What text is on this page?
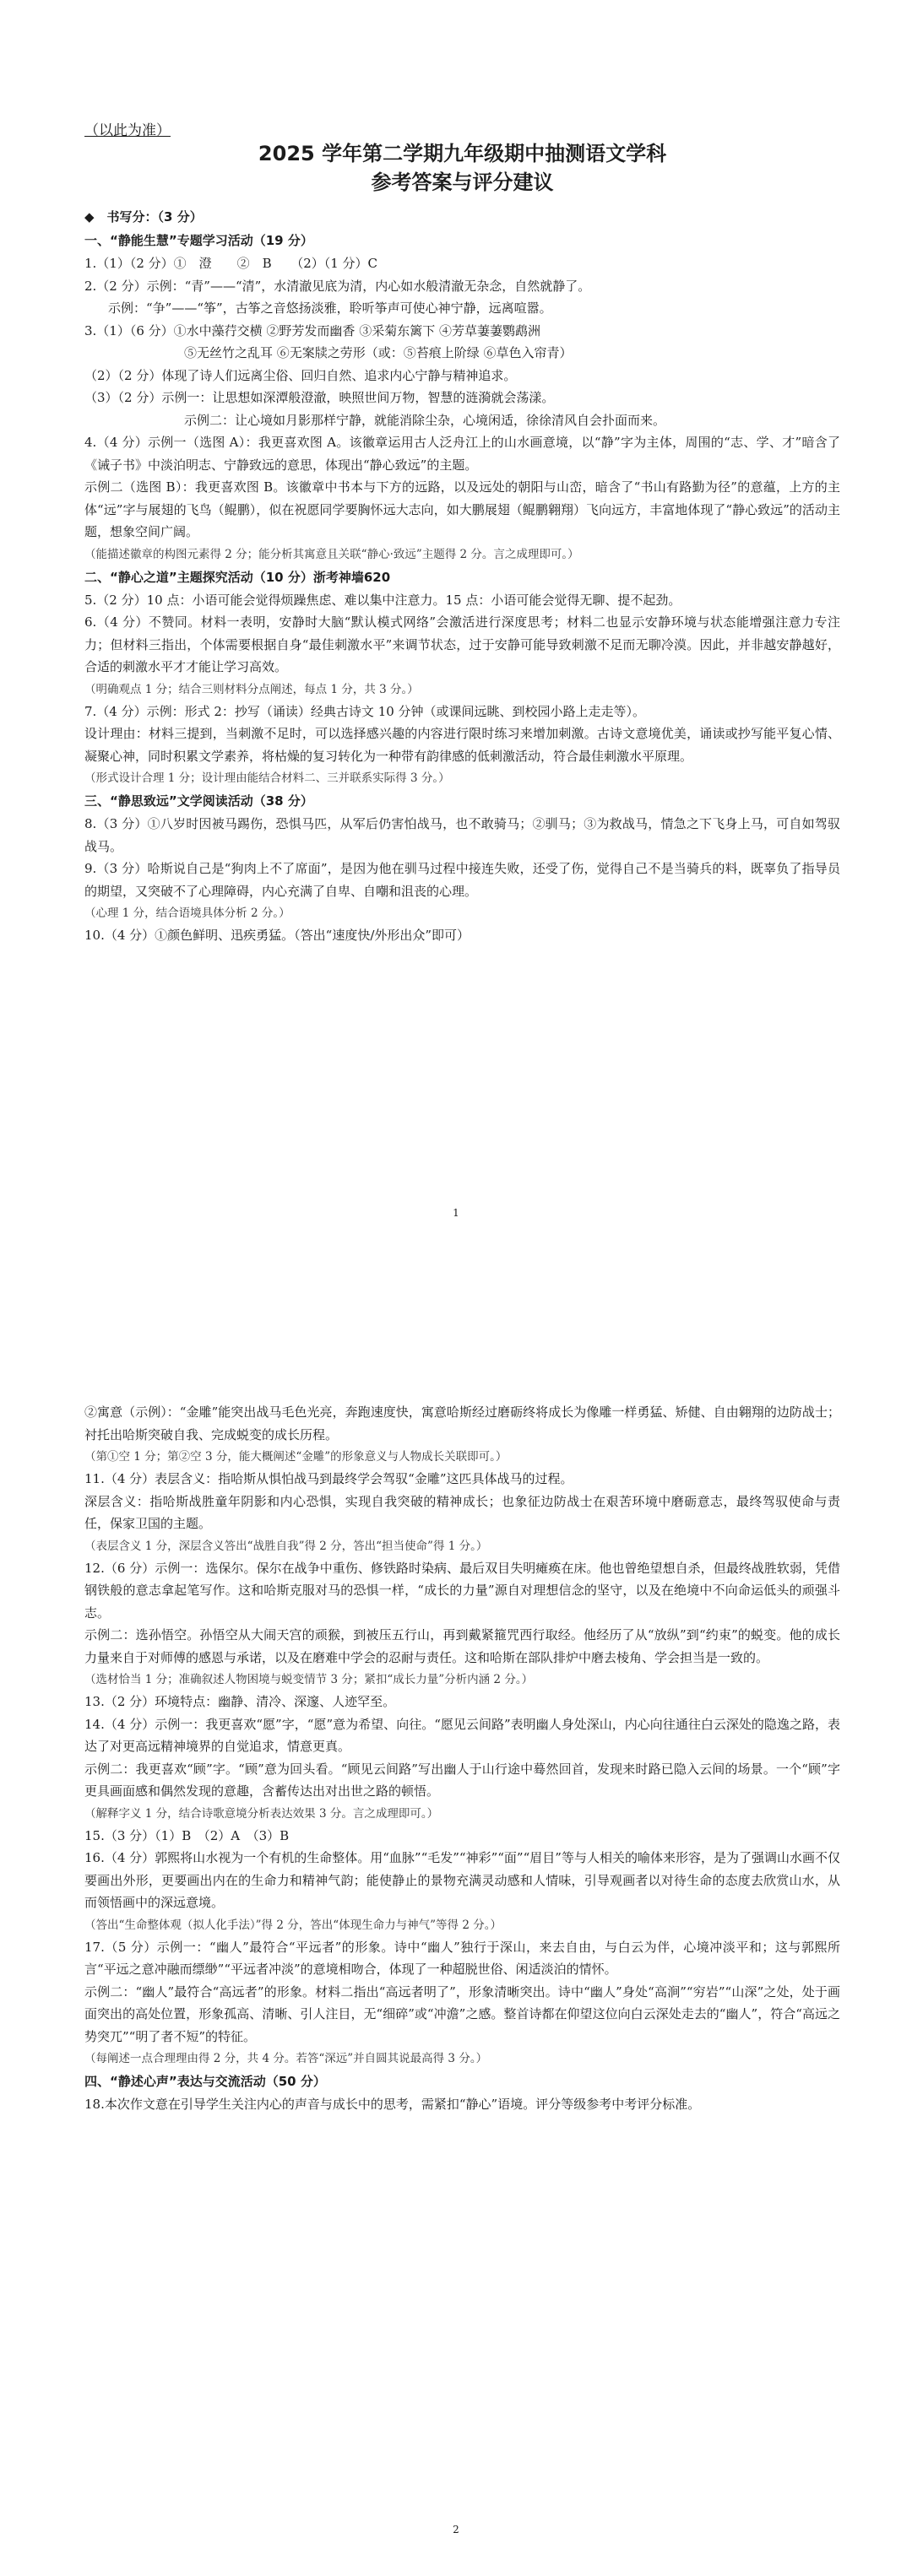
（以此为准）
2025 学年第二学期九年级期中抽测语文学科
参考答案与评分建议
◆　书写分：（3 分）
一、“静能生慧”专题学习活动（19 分）
1.（1）（2 分）①　澄　　②　B　　（2）（1 分）C
2.（2 分）示例：“青”——“清”，水清澈见底为清，内心如水般清澈无杂念，自然就静了。
示例：“争”——“筝”，古筝之音悠扬淡雅，聆听筝声可使心神宁静，远离喧嚣。
3.（1）（6 分）①水中藻荇交横 ②野芳发而幽香 ③采菊东篱下 ④芳草萋萋鹦鹉洲
⑤无丝竹之乱耳 ⑥无案牍之劳形（或：⑤苔痕上阶绿 ⑥草色入帘青）
（2）（2 分）体现了诗人们远离尘俗、回归自然、追求内心宁静与精神追求。
（3）（2 分）示例一：让思想如深潭般澄澈，映照世间万物，智慧的涟漪就会荡漾。
示例二：让心境如月影那样宁静，就能消除尘杂，心境闲适，徐徐清风自会扑面而来。
4.（4 分）示例一（选图 A）：我更喜欢图 A。该徽章运用古人泛舟江上的山水画意境，以“静”字为主体，周围的“志、学、才”暗含了《诫子书》中淡泊明志、宁静致远的意思，体现出“静心致远”的主题。
示例二（选图 B）：我更喜欢图 B。该徽章中书本与下方的远路，以及远处的朝阳与山峦，暗含了“书山有路勤为径”的意蕴，上方的主体“远”字与展翅的飞鸟（鲲鹏），似在祝愿同学要胸怀远大志向，如大鹏展翅（鲲鹏翱翔）飞向远方，丰富地体现了“静心致远”的活动主题，想象空间广阔。
（能描述徽章的构图元素得 2 分；能分析其寓意且关联“静心·致远”主题得 2 分。言之成理即可。）
二、“静心之道”主题探究活动（10 分）浙考神墙620
5.（2 分）10 点：小语可能会觉得烦躁焦虑、难以集中注意力。15 点：小语可能会觉得无聊、提不起劲。
6.（4 分）不赞同。材料一表明，安静时大脑“默认模式网络”会激活进行深度思考；材料二也显示安静环境与状态能增强注意力专注力；但材料三指出，个体需要根据自身“最佳刺激水平”来调节状态，过于安静可能导致刺激不足而无聊冷漠。因此，并非越安静越好，合适的刺激水平才才能让学习高效。
（明确观点 1 分；结合三则材料分点阐述，每点 1 分，共 3 分。）
7.（4 分）示例：形式 2：抄写（诵读）经典古诗文 10 分钟（或课间远眺、到校园小路上走走等）。
设计理由：材料三提到，当刺激不足时，可以选择感兴趣的内容进行限时练习来增加刺激。古诗文意境优美，诵读或抄写能平复心情、凝聚心神，同时积累文学素养，将枯燥的复习转化为一种带有韵律感的低刺激活动，符合最佳刺激水平原理。
（形式设计合理 1 分；设计理由能结合材料二、三并联系实际得 3 分。）
三、“静思致远”文学阅读活动（38 分）
8.（3 分）①八岁时因被马踢伤，恐惧马匹，从军后仍害怕战马，也不敢骑马；②驯马；③为救战马，情急之下飞身上马，可自如驾驭战马。
9.（3 分）哈斯说自己是“狗肉上不了席面”，是因为他在驯马过程中接连失败，还受了伤，觉得自己不是当骑兵的料，既辜负了指导员的期望，又突破不了心理障碍，内心充满了自卑、自嘲和沮丧的心理。
（心理 1 分，结合语境具体分析 2 分。）
10.（4 分）①颜色鲜明、迅疾勇猛。（答出“速度快/外形出众”即可）
1
②寓意（示例）：“金雕”能突出战马毛色光亮，奔跑速度快，寓意哈斯经过磨砺终将成长为像雕一样勇猛、矫健、自由翱翔的边防战士；衬托出哈斯突破自我、完成蜕变的成长历程。
（第①空 1 分；第②空 3 分，能大概阐述“金雕”的形象意义与人物成长关联即可。）
11.（4 分）表层含义：指哈斯从惧怕战马到最终学会驾驭“金雕”这匹具体战马的过程。
深层含义：指哈斯战胜童年阴影和内心恐惧，实现自我突破的精神成长；也象征边防战士在艰苦环境中磨砺意志，最终驾驭使命与责任，保家卫国的主题。
（表层含义 1 分，深层含义答出“战胜自我”得 2 分，答出“担当使命”得 1 分。）
12.（6 分）示例一：选保尔。保尔在战争中重伤、修铁路时染病、最后双目失明瘫痪在床。他也曾绝望想自杀，但最终战胜软弱，凭借钢铁般的意志拿起笔写作。这和哈斯克服对马的恐惧一样，“成长的力量”源自对理想信念的坚守，以及在绝境中不向命运低头的顽强斗志。
示例二：选孙悟空。孙悟空从大闹天宫的顽猴，到被压五行山，再到戴紧箍咒西行取经。他经历了从“放纵”到“约束”的蜕变。他的成长力量来自于对师傅的感恩与承诺，以及在磨难中学会的忍耐与责任。这和哈斯在部队排炉中磨去棱角、学会担当是一致的。
（选材恰当 1 分；准确叙述人物困境与蜕变情节 3 分；紧扣“成长力量”分析内涵 2 分。）
13.（2 分）环境特点：幽静、清冷、深邃、人迹罕至。
14.（4 分）示例一：我更喜欢“愿”字，“愿”意为希望、向往。“愿见云间路”表明幽人身处深山，内心向往通往白云深处的隐逸之路，表达了对更高远精神境界的自觉追求，情意更真。
示例二：我更喜欢“顾”字。“顾”意为回头看。“顾见云间路”写出幽人于山行途中蓦然回首，发现来时路已隐入云间的场景。一个“顾”字更具画面感和偶然发现的意趣，含蓄传达出对出世之路的顿悟。
（解释字义 1 分，结合诗歌意境分析表达效果 3 分。言之成理即可。）
15.（3 分）（1）B　（2）A　（3）B
16.（4 分）郭熙将山水视为一个有机的生命整体。用“血脉”“毛发”“神彩”“面”“眉目”等与人相关的喻体来形容，是为了强调山水画不仅要画出外形，更要画出内在的生命力和精神气韵；能使静止的景物充满灵动感和人情味，引导观画者以对待生命的态度去欣赏山水，从而领悟画中的深远意境。
（答出“生命整体观（拟人化手法）”得 2 分，答出“体现生命力与神气”等得 2 分。）
17.（5 分）示例一：“幽人”最符合“平远者”的形象。诗中“幽人”独行于深山，来去自由，与白云为伴，心境冲淡平和；这与郭熙所言“平远之意冲融而缥缈”“平远者冲淡”的意境相吻合，体现了一种超脱世俗、闲适淡泊的情怀。
示例二：“幽人”最符合“高远者”的形象。材料二指出“高远者明了”，形象清晰突出。诗中“幽人”身处“高涧”“穷岩”“山深”之处，处于画面突出的高处位置，形象孤高、清晰、引人注目，无“细碎”或“冲澹”之感。整首诗都在仰望这位向白云深处走去的“幽人”，符合“高远之势突兀”“明了者不短”的特征。
（每阐述一点合理理由得 2 分，共 4 分。若答“深远”并自圆其说最高得 3 分。）
四、“静述心声”表达与交流活动（50 分）
18.本次作文意在引导学生关注内心的声音与成长中的思考，需紧扣“静心”语境。评分等级参考中考评分标准。
2
